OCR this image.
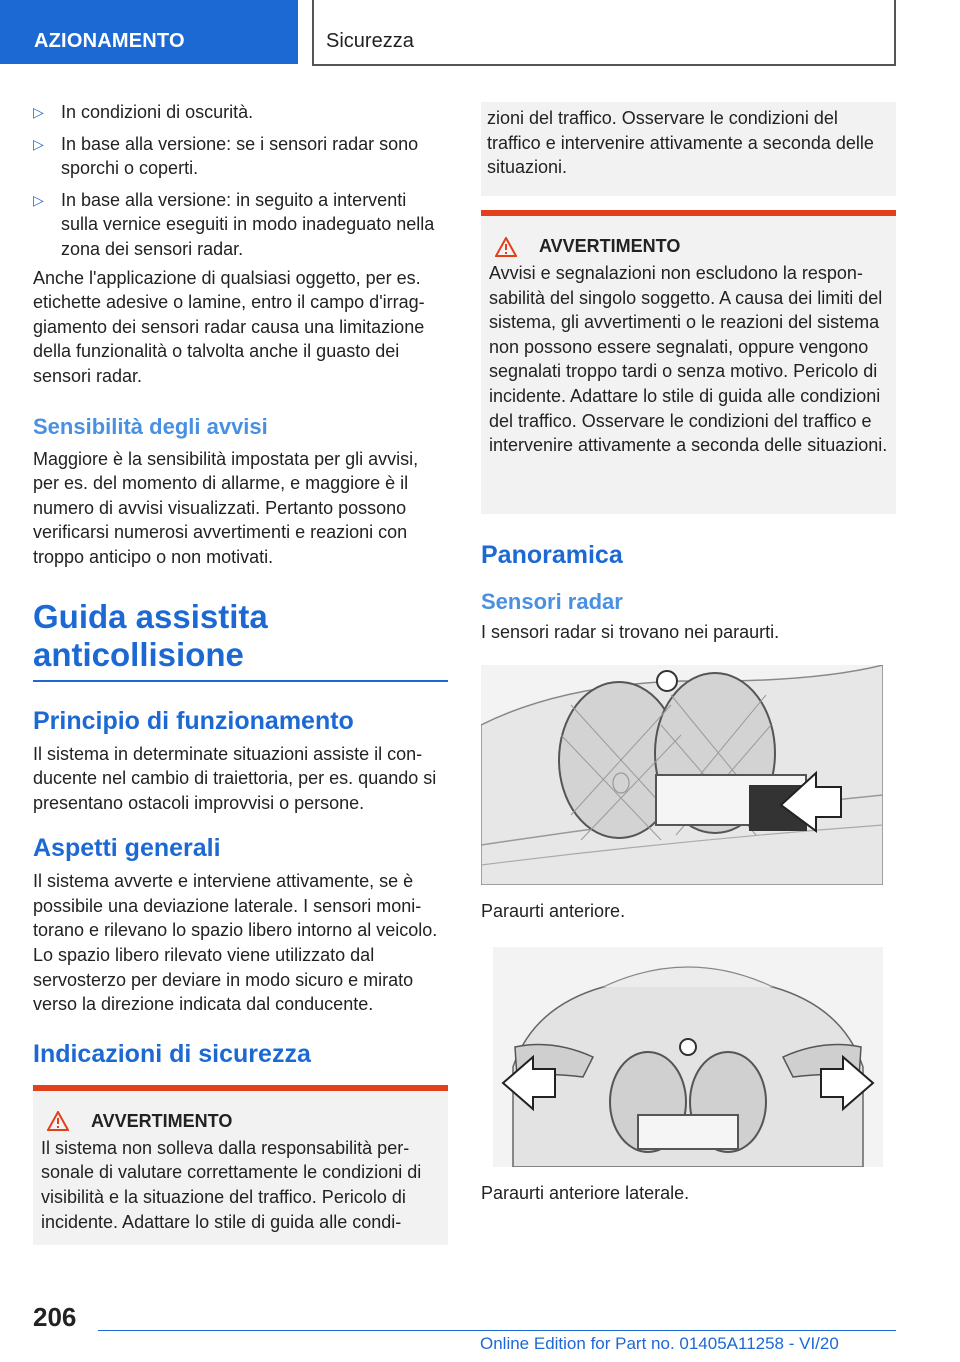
AZIONAMENTO	Sicurezza
▷ In condizioni di oscurità.
▷ In base alla versione: se i sensori radar sono sporchi o coperti.
▷ In base alla versione: in seguito a interventi sulla vernice eseguiti in modo inadeguato nella zona dei sensori radar.

Anche l'applicazione di qualsiasi oggetto, per es. etichette adesive o lamine, entro il campo d'irraggiamento dei sensori radar causa una limitazione della funzionalità o talvolta anche il guasto dei sensori radar.

Sensibilità degli avvisi

Maggiore è la sensibilità impostata per gli avvisi, per es. del momento di allarme, e maggiore è il numero di avvisi visualizzati. Pertanto possono verificarsi numerosi avvertimenti e reazioni con troppo anticipo o non motivati.

Guida assistita
anticollisione
Principio di funzionamento

Il sistema in determinate situazioni assiste il conducente nel cambio di traiettoria, per es. quando si presentano ostacoli improvvisi o persone.

Aspetti generali

Il sistema avverte e interviene attivamente, se è possibile una deviazione laterale. I sensori monitorano e rilevano lo spazio libero intorno al veicolo. Lo spazio libero rilevato viene utilizzato dal servosterzo per deviare in modo sicuro e mirato verso la direzione indicata dal conducente.

Indicazioni di sicurezza
AVVERTIMENTO

Il sistema non solleva dalla responsabilità personale di valutare correttamente le condizioni di visibilità e la situazione del traffico. Pericolo di incidente. Adattare lo stile di guida alle condi-

zioni del traffico. Osservare le condizioni del traffico e intervenire attivamente a seconda delle situazioni.

AVVERTIMENTO

Avvisi e segnalazioni non escludono la responsabilità del singolo soggetto. A causa dei limiti del sistema, gli avvertimenti o le reazioni del sistema non possono essere segnalati, oppure vengono segnalati troppo tardi o senza motivo. Pericolo di incidente. Adattare lo stile di guida alle condizioni del traffico. Osservare le condizioni del traffico e intervenire attivamente a seconda delle situazioni.

Panoramica
Sensori radar

I sensori radar si trovano nei paraurti.

Paraurti anteriore.

Paraurti anteriore laterale.

206
Online Edition for Part no. 01405A11258 - VI/20
